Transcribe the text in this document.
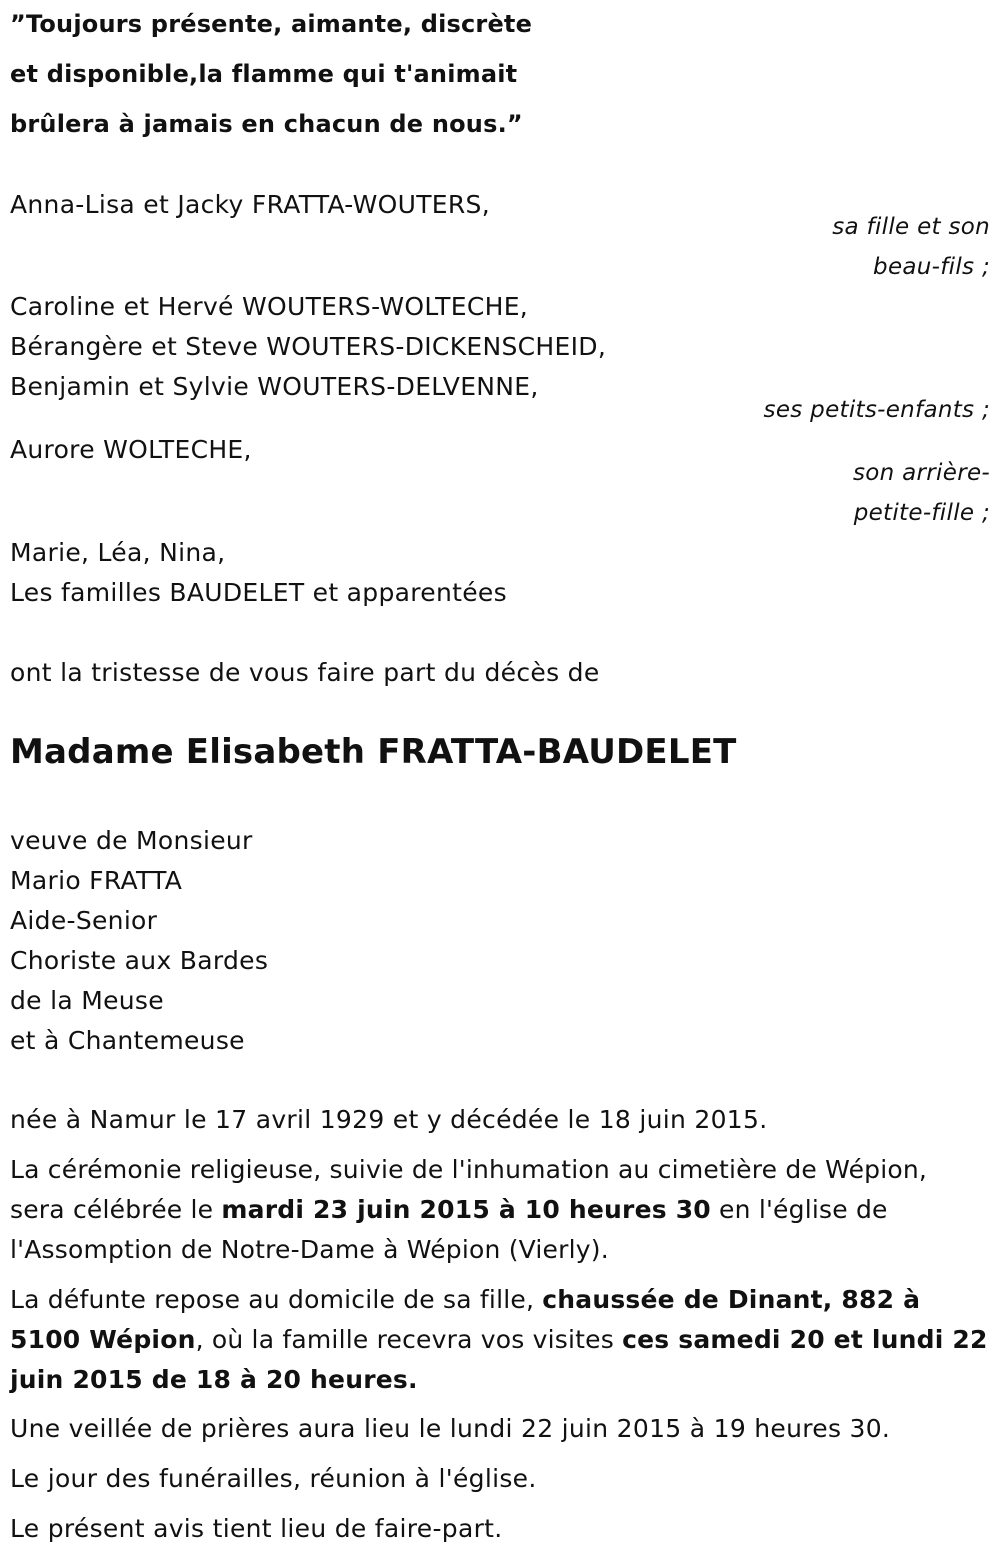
”Toujours présente, aimante, discrète
et disponible,la flamme qui t'animait
brûlera à jamais en chacun de nous.”
Anna-Lisa et Jacky FRATTA-WOUTERS,
sa fille et son
beau-fils ;
Caroline et Hervé WOUTERS-WOLTECHE,
Bérangère et Steve WOUTERS-DICKENSCHEID,
Benjamin et Sylvie WOUTERS-DELVENNE,
ses petits-enfants ;
Aurore WOLTECHE,
son arrière-
petite-fille ;
Marie, Léa, Nina,
Les familles BAUDELET et apparentées
ont la tristesse de vous faire part du décès de
Madame Elisabeth FRATTA-BAUDELET
veuve de Monsieur
Mario FRATTA
Aide-Senior
Choriste aux Bardes
de la Meuse
et à Chantemeuse
née à Namur le 17 avril 1929 et y décédée le 18 juin 2015.
La cérémonie religieuse, suivie de l'inhumation au cimetière de Wépion, sera célébrée le mardi 23 juin 2015 à 10 heures 30 en l'église de l'Assomption de Notre-Dame à Wépion (Vierly).
La défunte repose au domicile de sa fille, chaussée de Dinant, 882 à 5100 Wépion, où la famille recevra vos visites ces samedi 20 et lundi 22 juin 2015 de 18 à 20 heures.
Une veillée de prières aura lieu le lundi 22 juin 2015 à 19 heures 30.
Le jour des funérailles, réunion à l'église.
Le présent avis tient lieu de faire-part.
